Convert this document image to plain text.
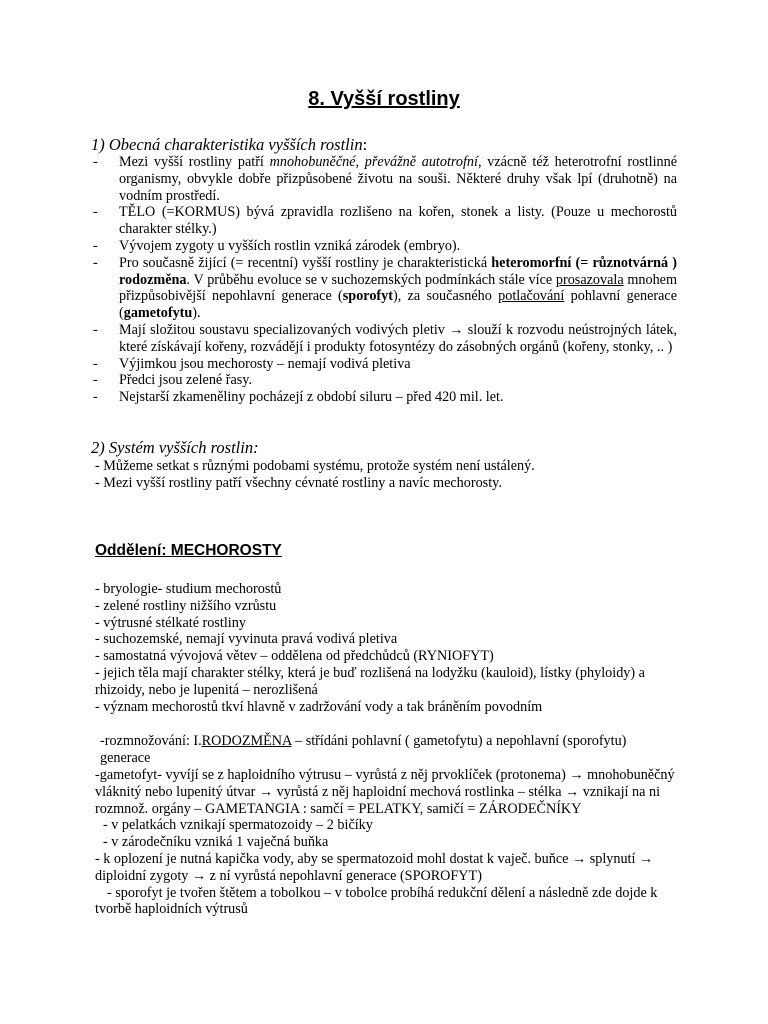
8. Vyšší rostliny
1) Obecná charakteristika vyšších rostlin:
- Mezi vyšší rostliny patří mnohobuněčné, převážně autotrofní, vzácně též heterotrofní rostlinné organismy, obvykle dobře přizpůsobené životu na souši. Některé druhy však lpí (druhotně) na vodním prostředí.
- TĚLO (=KORMUS) bývá zpravidla rozlišeno na kořen, stonek a listy. (Pouze u mechorostů charakter stélky.)
- Vývojem zygoty u vyšších rostlin vzniká zárodek (embryo).
- Pro současně žijící (= recentní) vyšší rostliny je charakteristická heteromorfní (= různotvárná ) rodozměna. V průběhu evoluce se v suchozemských podmínkách stále více prosazovala mnohem přizpůsobivější nepohlavní generace (sporofyt), za současného potlačování pohlavní generace (gametofytu).
- Mají složitou soustavu specializovaných vodivých pletiv → slouží k rozvodu neústrojných látek, které získávají kořeny, rozvádějí i produkty fotosyntézy do zásobných orgánů (kořeny, stonky, .. )
- Výjimkou jsou mechorosty – nemají vodivá pletiva
- Předci jsou zelené řasy.
- Nejstarší zkameněliny pocházejí z období siluru – před 420 mil. let.
2) Systém vyšších rostlin:
- Můžeme setkat s různými podobami systému, protože systém není ustálený.
- Mezi vyšší rostliny patří všechny cévnaté rostliny a navíc mechorosty.
Oddělení: MECHOROSTY
- bryologie- studium mechorostů
- zelené rostliny nižšího vzrůstu
- výtrusné stélkaté rostliny
- suchozemské, nemají vyvinuta pravá vodivá pletiva
- samostatná vývojová větev – oddělena od předchůdců (RYNIOFYT)
- jejich těla mají charakter stélky, která je buď rozlišená na lodyžku (kauloid), lístky (phyloidy) a rhizoidy, nebo je lupenitá – nerozlišená
- význam mechorostů tkví hlavně v zadržování vody a tak bráněním povodním
-rozmnožování: I.RODOZMĚNA – střídáni pohlavní ( gametofytu) a nepohlavní (sporofytu) generace
-gametofyt- vyvíjí se z haploidního výtrusu – vyrůstá z něj prvoklíček (protonema) → mnohobuněčný vláknitý nebo lupenitý útvar → vyrůstá z něj haploidní mechová rostlinka – stélka → vznikají na ni rozmnož. orgány – GAMETANGIA : samčí = PELATKY, samičí = ZÁRODEČNÍKY
- v pelatkách vznikají spermatozoidy – 2 bičíky
- v zárodečníku vzniká 1 vaječná buňka
- k oplození je nutná kapička vody, aby se spermatozoid mohl dostat k vaječ. buňce → splynutí → diploidní zygoty → z ní vyrůstá nepohlavní generace (SPOROFYT)
- sporofyt je tvořen štětem a tobolkou – v tobolce probíhá redukční dělení a následně zde dojde k tvorbě haploidních výtrusů
